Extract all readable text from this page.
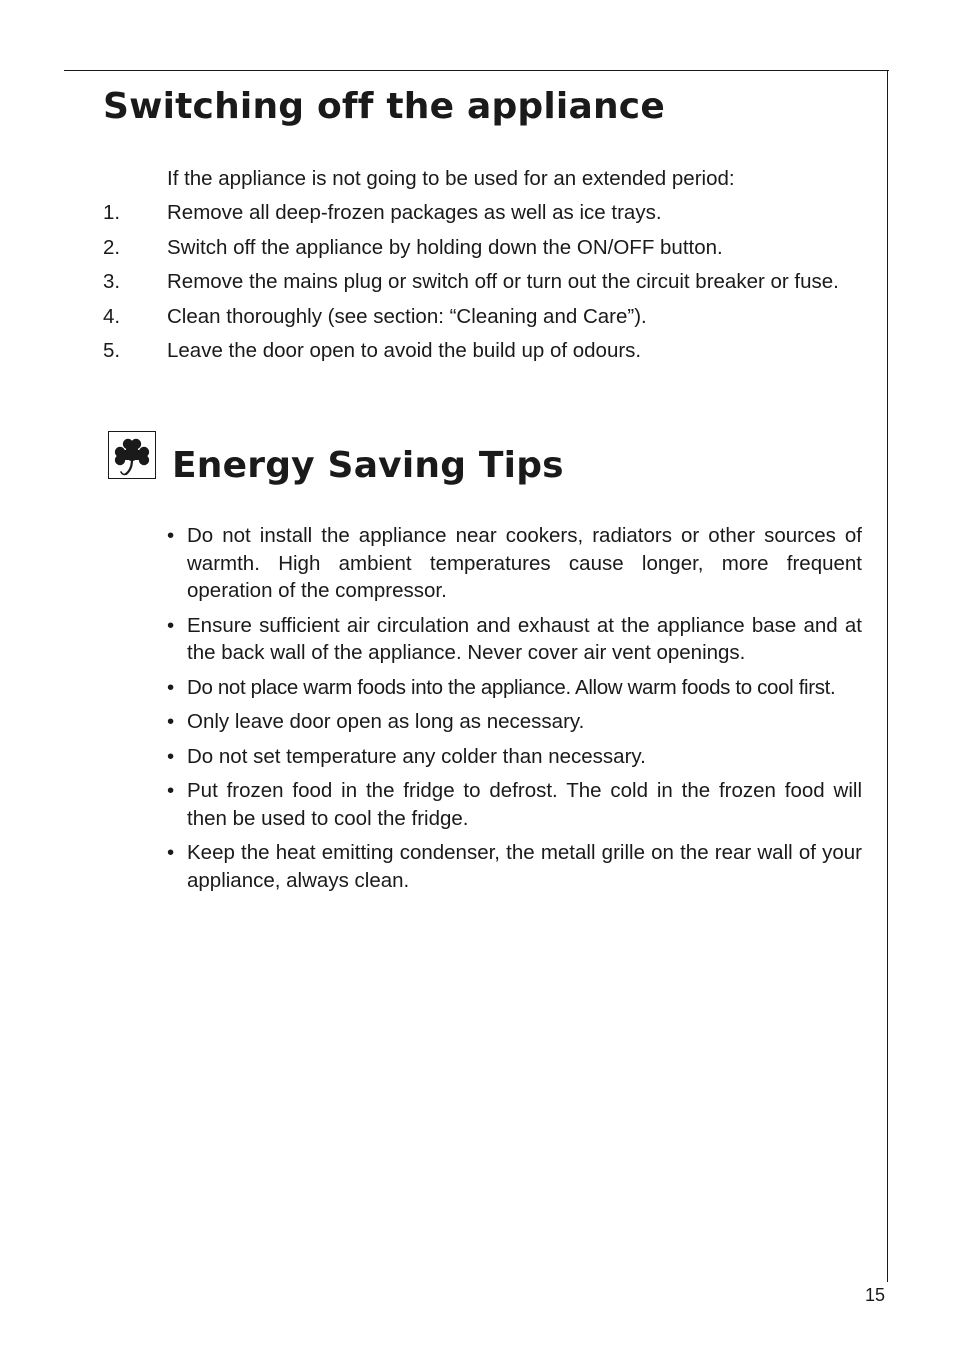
Switching off the appliance
If the appliance is not going to be used for an extended period:
1.	Remove all deep-frozen packages as well as ice trays.
2.	Switch off the appliance by holding down the ON/OFF button.
3.	Remove the mains plug or switch off or turn out the circuit breaker or fuse.
4.	Clean thoroughly (see section: “Cleaning and Care”).
5.	Leave the door open to avoid the build up of odours.
Energy Saving Tips
• Do not install the appliance near cookers, radiators or other sources of warmth. High ambient temperatures cause longer, more frequent operation of the compressor.
• Ensure sufficient air circulation and exhaust at the appliance base and at the back wall of the appliance. Never cover air vent openings.
• Do not place warm foods into the appliance. Allow warm foods to cool first.
• Only leave door open as long as necessary.
• Do not set temperature any colder than necessary.
• Put frozen food in the fridge to defrost. The cold in the frozen food will then be used to cool the fridge.
• Keep the heat emitting condenser, the metall grille on the rear wall of your appliance, always clean.
15
